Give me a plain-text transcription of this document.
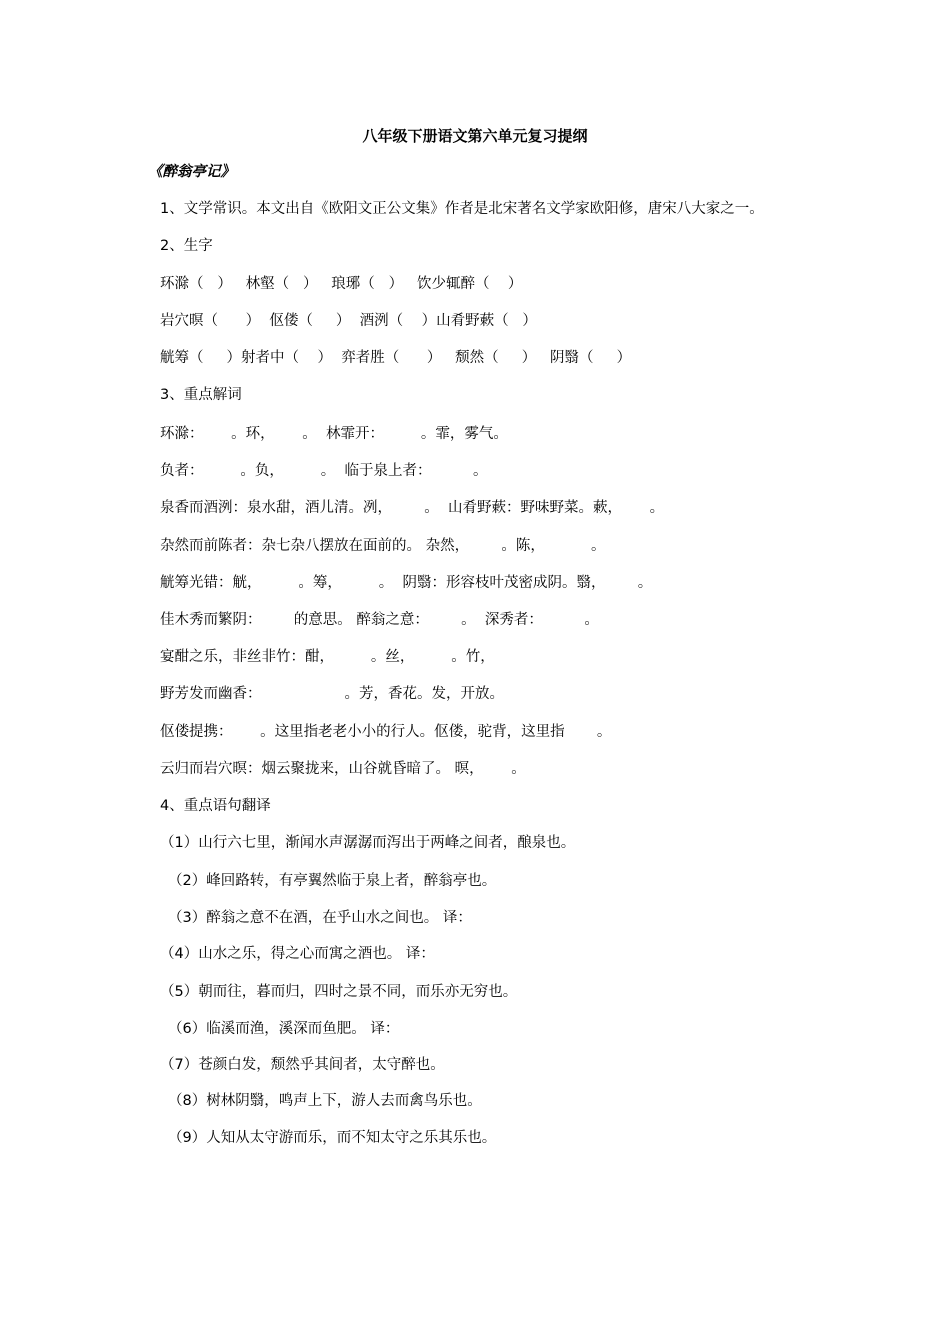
八年级下册语文第六单元复习提纲
《醉翁亭记》
1、文学常识。本文出自《欧阳文正公文集》作者是北宋著名文学家欧阳修，唐宋八大家之一。
2、生字
环滁（   ）   林壑（   ）   琅琊（   ）   饮少辄醉（    ）
岩穴暝（      ）  伛偻（     ）  酒洌（    ）山肴野蔌（   ）
觥筹（     ）射者中（    ）  弈者胜（      ）   颓然（     ）   阴翳（     ）
3、重点解词
环滁：      。环，      。  林霏开：        。霏，雾气。
负者：        。负，        。  临于泉上者：         。
泉香而酒洌：泉水甜，酒儿清。冽，       。  山肴野蔌：野味野菜。蔌，      。
杂然而前陈者：杂七杂八摆放在面前的。 杂然，       。陈，          。
觥筹光错：觥，        。筹，        。  阴翳：形容枝叶茂密成阴。翳，       。
佳木秀而繁阴：       的意思。 醉翁之意：       。  深秀者：         。
宴酣之乐，非丝非竹：酣，        。丝，        。竹，
野芳发而幽香：                  。芳，香花。发，开放。
伛偻提携：      。这里指老老小小的行人。伛偻，驼背，这里指       。
云归而岩穴暝：烟云聚拢来，山谷就昏暗了。 暝，      。
4、重点语句翻译
（1）山行六七里，渐闻水声潺潺而泻出于两峰之间者，酿泉也。
（2）峰回路转，有亭翼然临于泉上者，醉翁亭也。
（3）醉翁之意不在酒，在乎山水之间也。 译：
（4）山水之乐，得之心而寓之酒也。 译：
（5）朝而往，暮而归，四时之景不同，而乐亦无穷也。
（6）临溪而渔，溪深而鱼肥。 译：
（7）苍颜白发，颓然乎其间者，太守醉也。
（8）树林阴翳，鸣声上下，游人去而禽鸟乐也。
（9）人知从太守游而乐，而不知太守之乐其乐也。
